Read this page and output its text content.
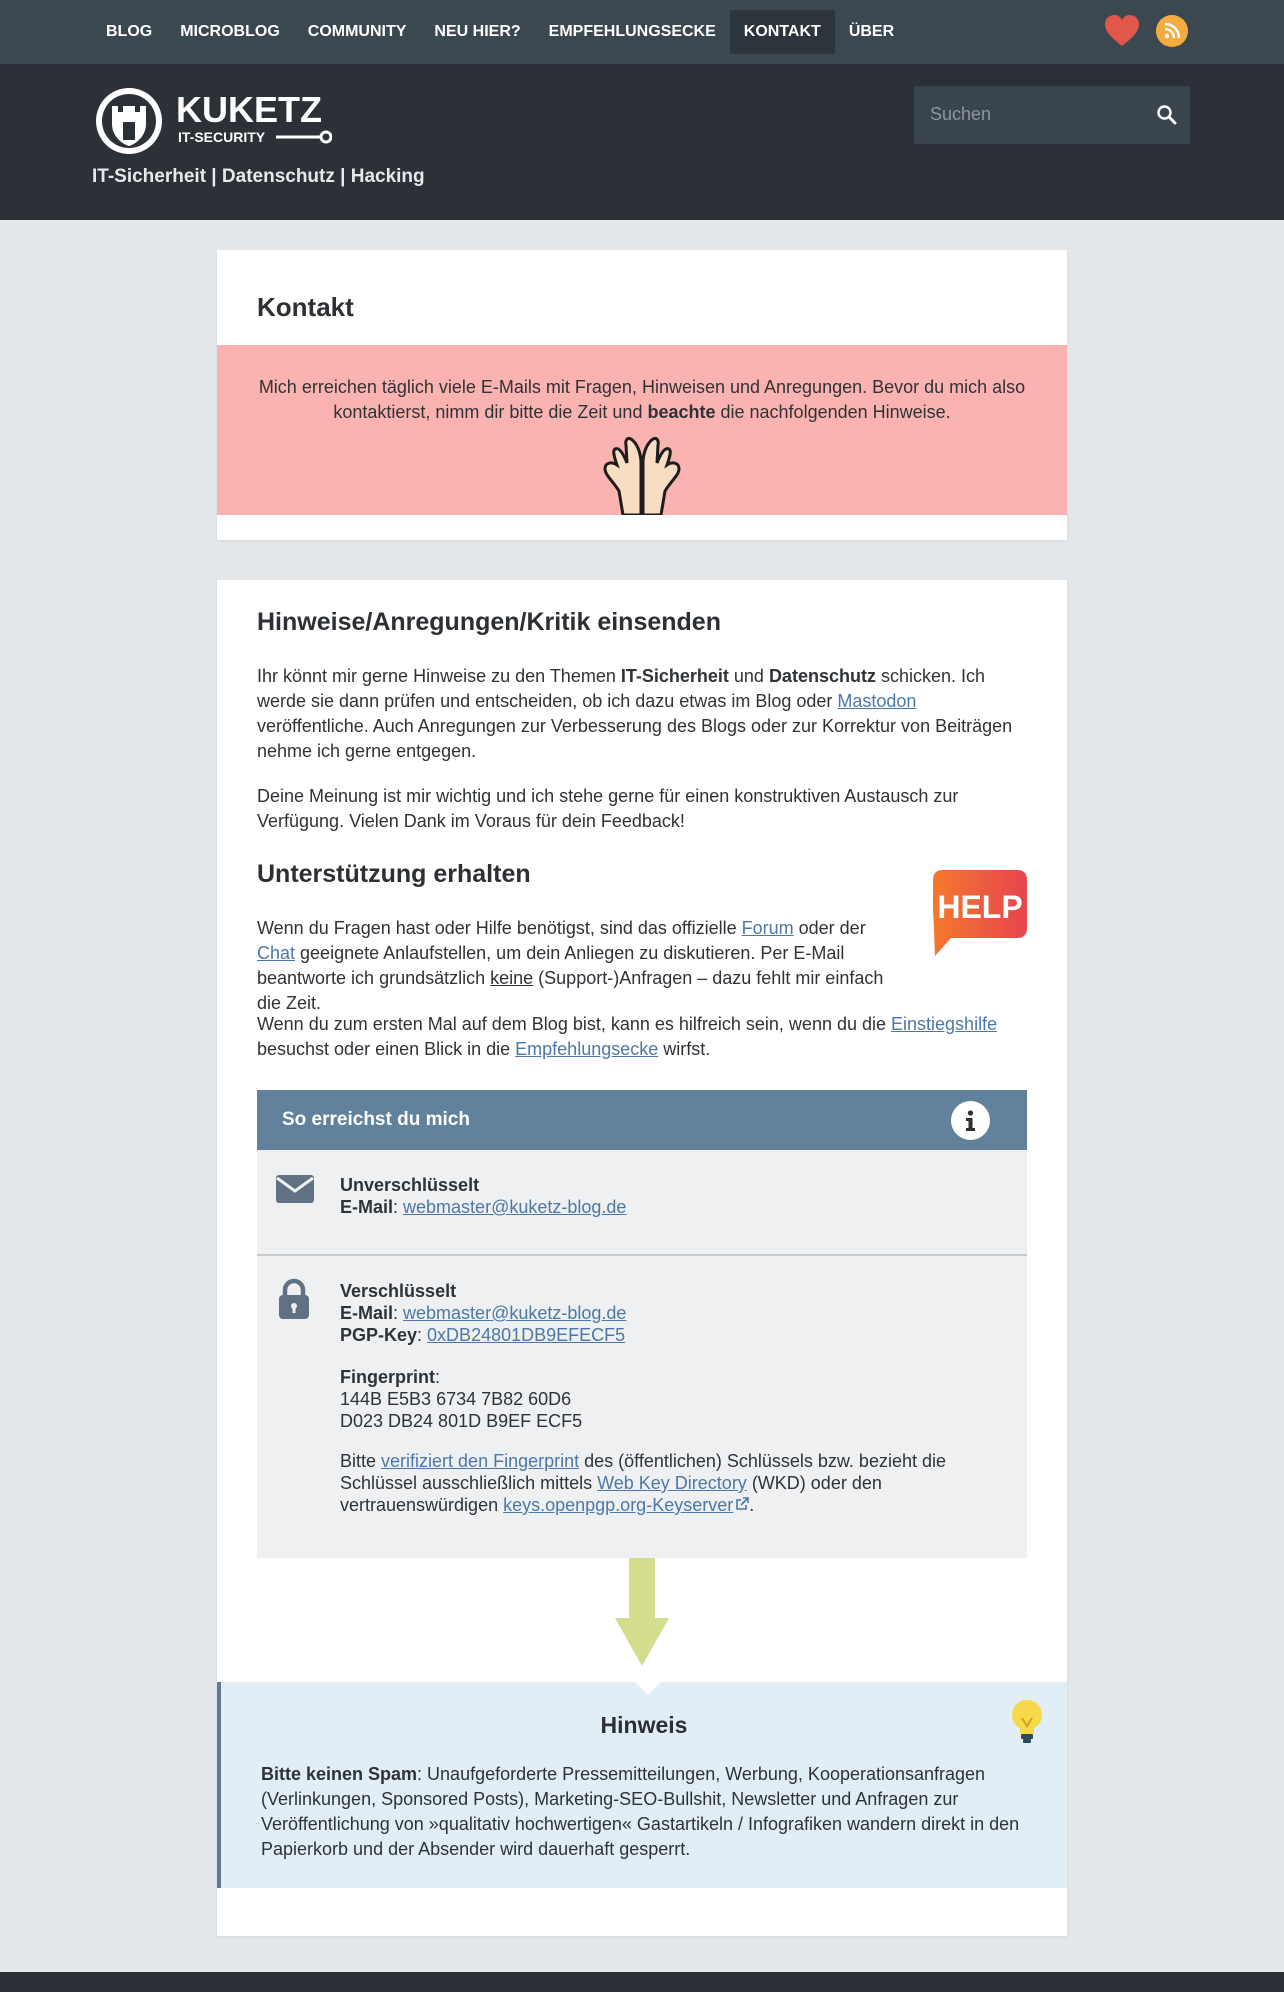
BLOG	MICROBLOG	COMMUNITY	NEU HIER?	EMPFEHLUNGSECKE	KONTAKT	ÜBER
KUKETZ
IT-SECURITY
IT-Sicherheit | Datenschutz | Hacking
Suchen
Kontakt

Mich erreichen täglich viele E-Mails mit Fragen, Hinweisen und Anregungen. Bevor du mich also kontaktierst, nimm dir bitte die Zeit und beachte die nachfolgenden Hinweise.

Hinweise/Anregungen/Kritik einsenden

Ihr könnt mir gerne Hinweise zu den Themen IT-Sicherheit und Datenschutz schicken. Ich werde sie dann prüfen und entscheiden, ob ich dazu etwas im Blog oder Mastodon veröffentliche. Auch Anregungen zur Verbesserung des Blogs oder zur Korrektur von Beiträgen nehme ich gerne entgegen.

Deine Meinung ist mir wichtig und ich stehe gerne für einen konstruktiven Austausch zur Verfügung. Vielen Dank im Voraus für dein Feedback!

Unterstützung erhalten
HELP

Wenn du Fragen hast oder Hilfe benötigst, sind das offizielle Forum oder der Chat geeignete Anlaufstellen, um dein Anliegen zu diskutieren. Per E-Mail beantworte ich grundsätzlich keine (Support-)Anfragen – dazu fehlt mir einfach die Zeit.

Wenn du zum ersten Mal auf dem Blog bist, kann es hilfreich sein, wenn du die Einstiegshilfe besuchst oder einen Blick in die Empfehlungsecke wirfst.

So erreichst du mich
Unverschlüsselt
E-Mail: webmaster@kuketz-blog.de
Verschlüsselt
E-Mail: webmaster@kuketz-blog.de
PGP-Key: 0xDB24801DB9EFECF5
Fingerprint:
144B E5B3 6734 7B82 60D6
D023 DB24 801D B9EF ECF5
Bitte verifiziert den Fingerprint des (öffentlichen) Schlüssels bzw. bezieht die Schlüssel ausschließlich mittels Web Key Directory (WKD) oder den vertrauenswürdigen keys.openpgp.org-Keyserver .
Hinweis

Bitte keinen Spam: Unaufgeforderte Pressemitteilungen, Werbung, Kooperationsanfragen (Verlinkungen, Sponsored Posts), Marketing-SEO-Bullshit, Newsletter und Anfragen zur Veröffentlichung von »qualitativ hochwertigen« Gastartikeln / Infografiken wandern direkt in den Papierkorb und der Absender wird dauerhaft gesperrt.
